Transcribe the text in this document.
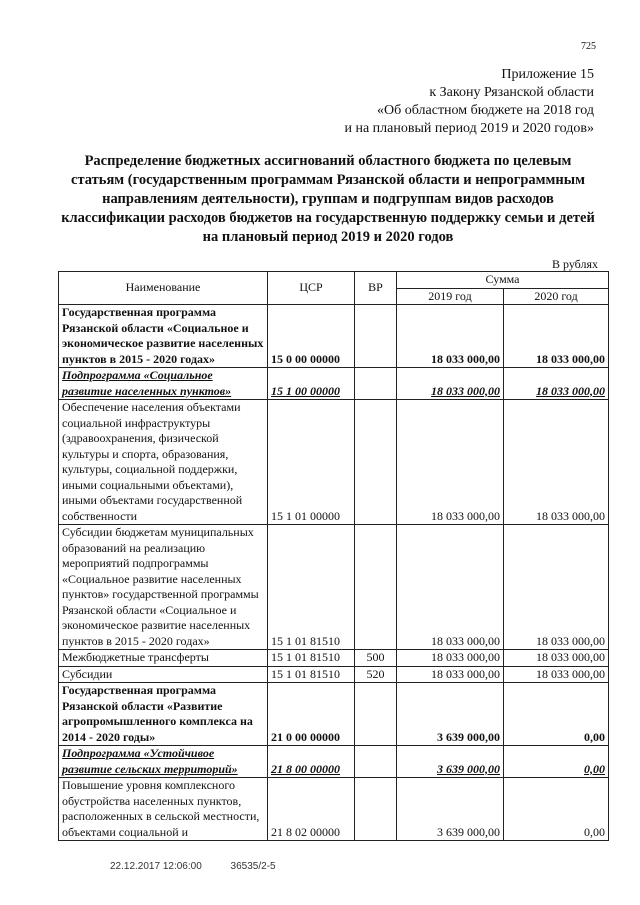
725
Приложение 15
к Закону Рязанской области
«Об областном бюджете на 2018 год
и на плановый период 2019 и 2020 годов»
Распределение бюджетных ассигнований областного бюджета по целевым статьям (государственным программам Рязанской области и непрограммным направлениям деятельности), группам и подгруппам видов расходов классификации расходов бюджетов на государственную поддержку семьи и детей на плановый период 2019 и 2020 годов
В рублях
Наименование	ЦСР	ВР	Сумма	
			2019 год	2020 год
Государственная программа Рязанской области «Социальное и экономическое развитие населенных пунктов в 2015 - 2020 годах»	15 0 00 00000		18 033 000,00	18 033 000,00
Подпрограмма «Социальное развитие населенных пунктов»	15 1 00 00000		18 033 000,00	18 033 000,00
Обеспечение населения объектами социальной инфраструктуры (здравоохранения, физической культуры и спорта, образования, культуры, социальной поддержки, иными социальными объектами), иными объектами государственной собственности	15 1 01 00000		18 033 000,00	18 033 000,00
Субсидии бюджетам муниципальных образований на реализацию мероприятий подпрограммы «Социальное развитие населенных пунктов» государственной программы Рязанской области «Социальное и экономическое развитие населенных пунктов в 2015 - 2020 годах»	15 1 01 81510		18 033 000,00	18 033 000,00
Межбюджетные трансферты	15 1 01 81510	500	18 033 000,00	18 033 000,00
Субсидии	15 1 01 81510	520	18 033 000,00	18 033 000,00
Государственная программа Рязанской области «Развитие агропромышленного комплекса на 2014 - 2020 годы»	21 0 00 00000		3 639 000,00	0,00
Подпрограмма «Устойчивое развитие сельских территорий»	21 8 00 00000		3 639 000,00	0,00
Повышение уровня комплексного обустройства населенных пунктов, расположенных в сельской местности, объектами социальной и	21 8 02 00000		3 639 000,00	0,00
22.12.2017 12:06:00	36535/2-5
